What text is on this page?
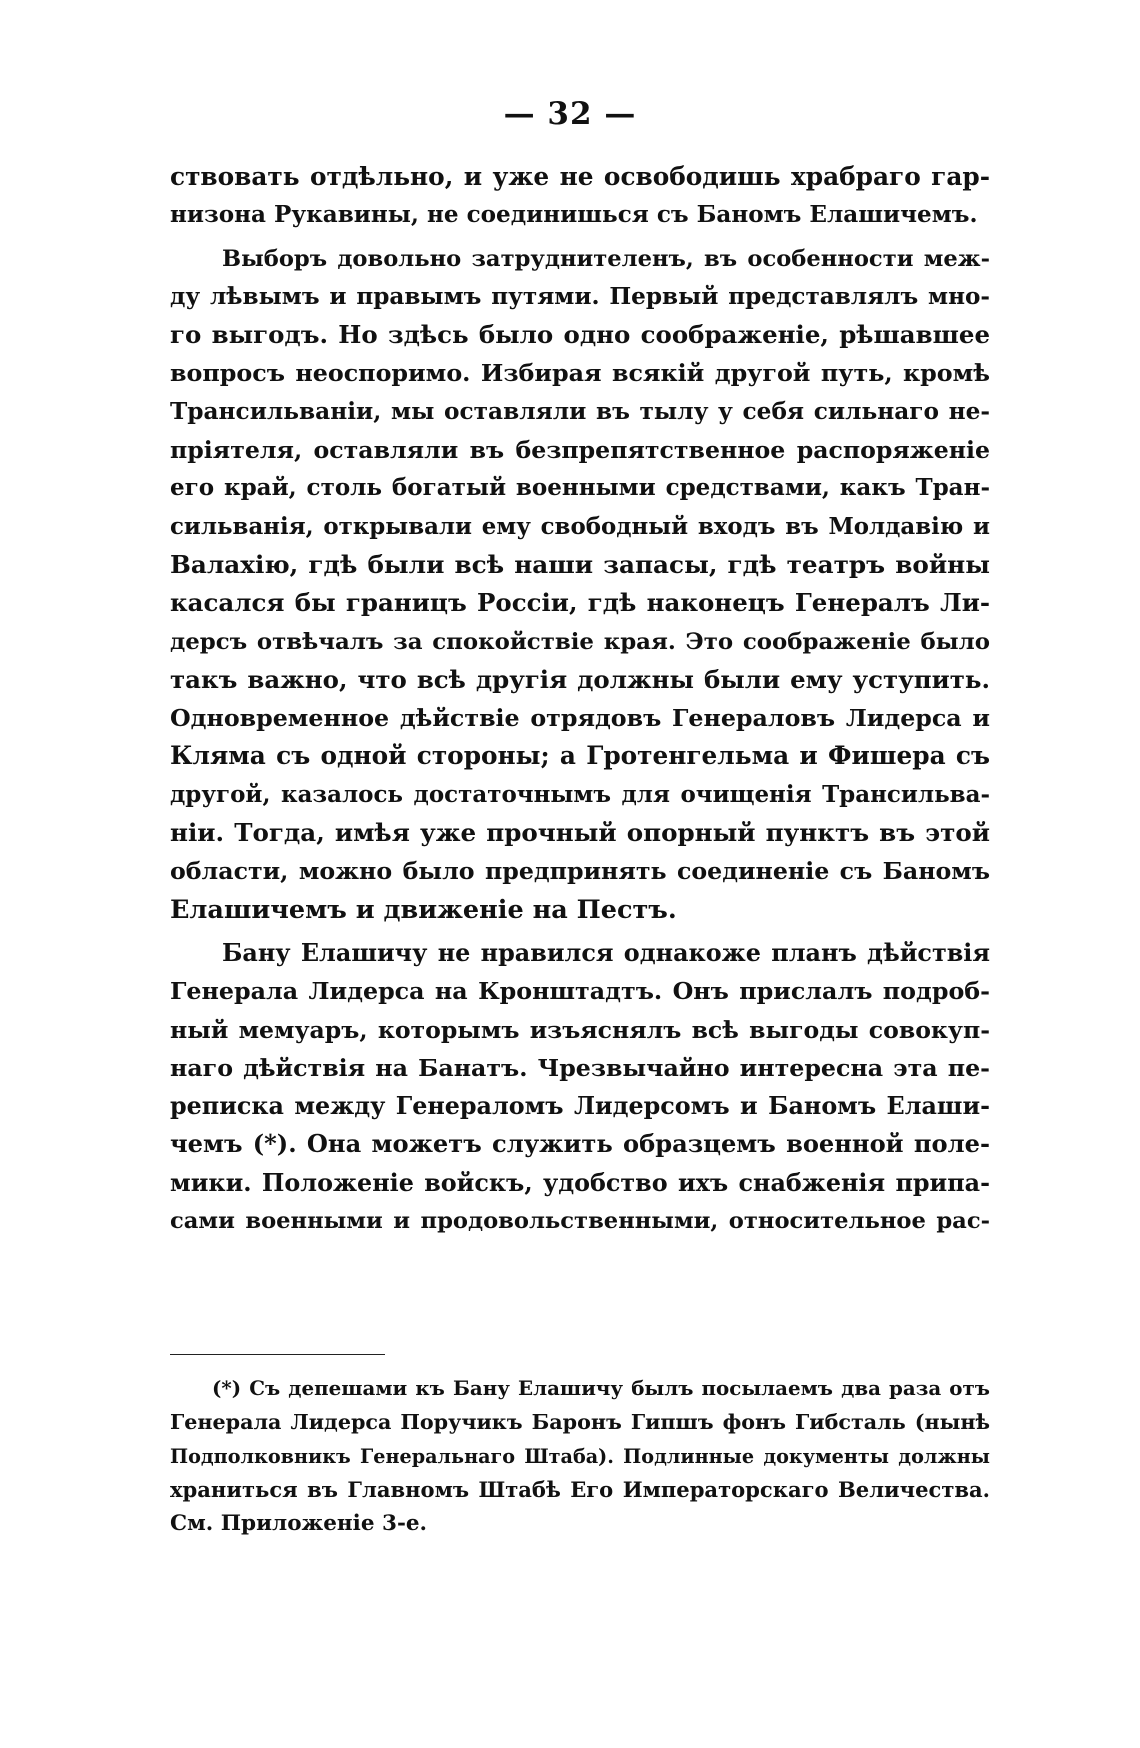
— 32 —
ствовать отдѣльно, и уже не освободишь храбраго гар-
низона Рукавины, не соединишься съ Баномъ Елашичемъ.
Выборъ довольно затруднителенъ, въ особенности меж-
ду лѣвымъ и правымъ путями. Первый представлялъ мно-
го выгодъ. Но здѣсь было одно соображеніе, рѣшавшее
вопросъ неоспоримо. Избирая всякій другой путь, кромѣ
Трансильваніи, мы оставляли въ тылу у себя сильнаго не-
пріятеля, оставляли въ безпрепятственное распоряженіе
его край, столь богатый военными средствами, какъ Тран-
сильванія, открывали ему свободный входъ въ Молдавію и
Валахію, гдѣ были всѣ наши запасы, гдѣ театръ войны
касался бы границъ Россіи, гдѣ наконецъ Генералъ Ли-
дерсъ отвѣчалъ за спокойствіе края. Это соображеніе было
такъ важно, что всѣ другія должны были ему уступить.
Одновременное дѣйствіе отрядовъ Генераловъ Лидерса и
Кляма съ одной стороны; а Гротенгельма и Фишера съ
другой, казалось достаточнымъ для очищенія Трансильва-
ніи. Тогда, имѣя уже прочный опорный пунктъ въ этой
области, можно было предпринять соединеніе съ Баномъ
Елашичемъ и движеніе на Пестъ.
Бану Елашичу не нравился однакоже планъ дѣйствія
Генерала Лидерса на Кронштадтъ. Онъ прислалъ подроб-
ный мемуаръ, которымъ изъяснялъ всѣ выгоды совокуп-
наго дѣйствія на Банатъ. Чрезвычайно интересна эта пе-
реписка между Генераломъ Лидерсомъ и Баномъ Елаши-
чемъ (*). Она можетъ служить образцемъ военной поле-
мики. Положеніе войскъ, удобство ихъ снабженія припа-
сами военными и продовольственными, относительное рас-
(*) Съ депешами къ Бану Елашичу былъ посылаемъ два раза отъ
Генерала Лидерса Поручикъ Баронъ Гипшъ фонъ Гибсталь (нынѣ
Подполковникъ Генеральнаго Штаба). Подлинные документы должны
храниться въ Главномъ Штабѣ Его Императорскаго Величества.
См. Приложеніе 3-е.
